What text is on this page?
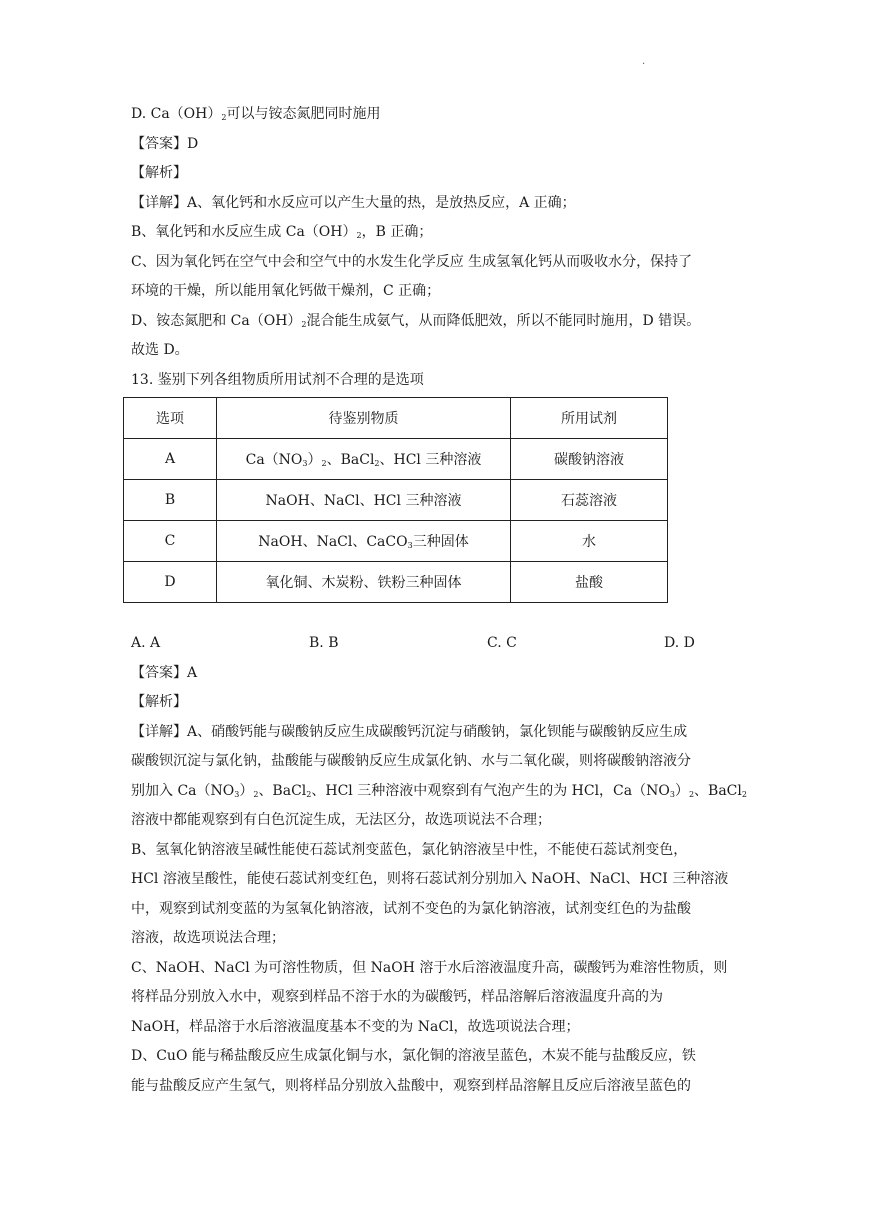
.
D. $Ca(OH)_2$可以与铵态氮肥同时施用
【答案】D
【解析】
【详解】A、氧化钙和水反应可以产生大量的热，是放热反应，A 正确；
B、氧化钙和水反应生成 $Ca(OH)_2$，B 正确；
C、因为氧化钙在空气中会和空气中的水发生化学反应 生成氢氧化钙从而吸收水分，保持了
环境的干燥，所以能用氧化钙做干燥剂，C 正确；
D、铵态氮肥和 $Ca(OH)_2$混合能生成氨气，从而降低肥效，所以不能同时施用，D 错误。
故选 D。
13. 鉴别下列各组物质所用试剂不合理的是选项
选项	待鉴别物质	所用试剂
A	$Ca(NO_3)_2$、BaCl$_2$、HCl 三种溶液	碳酸钠溶液
B	NaOH、NaCl、HCl 三种溶液	石蕊溶液
C	NaOH、NaCl、CaCO$_3$三种固体	水
D	氧化铜、木炭粉、铁粉三种固体	盐酸
A. A	B. B	C. C	D. D
【答案】A
【解析】
【详解】A、硝酸钙能与碳酸钠反应生成碳酸钙沉淀与硝酸钠，氯化钡能与碳酸钠反应生成
碳酸钡沉淀与氯化钠，盐酸能与碳酸钠反应生成氯化钠、水与二氧化碳，则将碳酸钠溶液分
别加入 $Ca(NO_3)_2$、BaCl$_2$、HCl 三种溶液中观察到有气泡产生的为 HCl，$Ca(NO_3)_2$、BaCl$_2$
溶液中都能观察到有白色沉淀生成，无法区分，故选项说法不合理；
B、氢氧化钠溶液呈碱性能使石蕊试剂变蓝色，氯化钠溶液呈中性，不能使石蕊试剂变色，
HCl 溶液呈酸性，能使石蕊试剂变红色，则将石蕊试剂分别加入 NaOH、NaCl、HCI 三种溶液
中，观察到试剂变蓝的为氢氧化钠溶液，试剂不变色的为氯化钠溶液，试剂变红色的为盐酸
溶液，故选项说法合理；
C、NaOH、NaCl 为可溶性物质，但 NaOH 溶于水后溶液温度升高，碳酸钙为难溶性物质，则
将样品分别放入水中，观察到样品不溶于水的为碳酸钙，样品溶解后溶液温度升高的为
NaOH，样品溶于水后溶液温度基本不变的为 NaCl，故选项说法合理；
D、CuO 能与稀盐酸反应生成氯化铜与水，氯化铜的溶液呈蓝色，木炭不能与盐酸反应，铁
能与盐酸反应产生氢气，则将样品分别放入盐酸中，观察到样品溶解且反应后溶液呈蓝色的
